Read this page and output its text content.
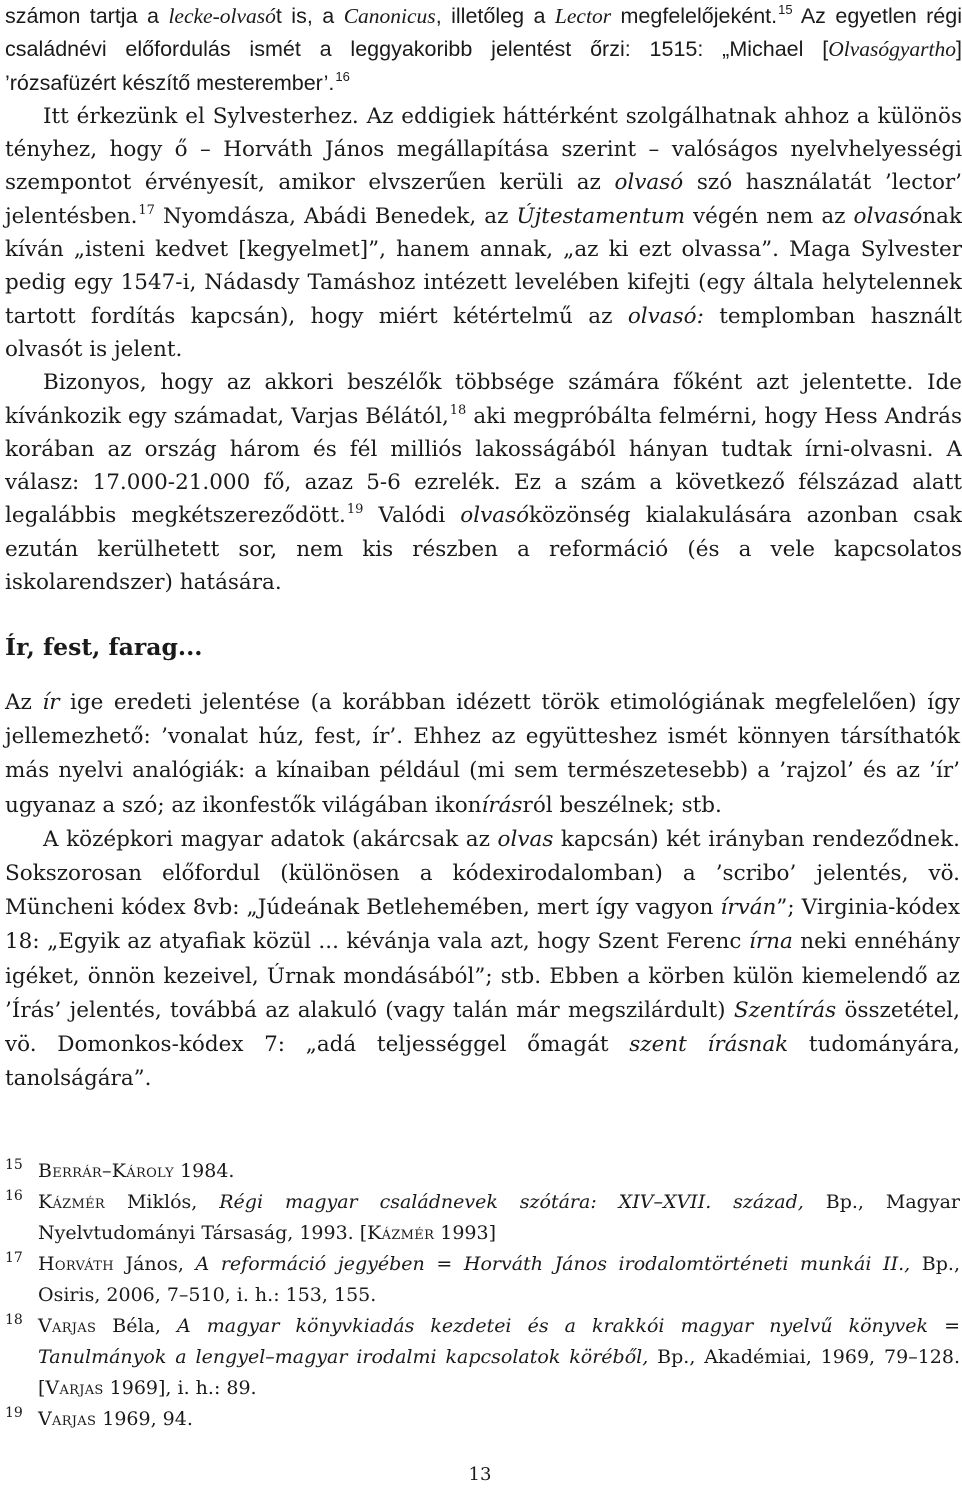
számon tartja a lecke-olvasót is, a Canonicus, illetőleg a Lector megfelelőjeként.$^{15}$ Az egyetlen régi családnévi előfordulás ismét a leggyakoribb jelentést őrzi: 1515: „Michael [Olvasógyartho] ’rózsafüzért készítő mesterember’.$^{16}$

Itt érkezünk el Sylvesterhez. Az eddigiek háttérként szolgálhatnak ahhoz a különös tényhez, hogy ő – Horváth János megállapítása szerint – valóságos nyelvhelyességi szempontot érvényesít, amikor elvszerűen kerüli az olvasó szó használatát ’lector’ jelentésben.$^{17}$ Nyomdásza, Abádi Benedek, az Újtestamentum végén nem az olvasónak kíván „isteni kedvet [kegyelmet]”, hanem annak, „az ki ezt olvassa”. Maga Sylvester pedig egy 1547-i, Nádasdy Tamáshoz intézett levelében kifejti (egy általa helytelennek tartott fordítás kapcsán), hogy miért kétértelmű az olvasó: templomban használt olvasót is jelent.

Bizonyos, hogy az akkori beszélők többsége számára főként azt jelentette. Ide kívánkozik egy számadat, Varjas Bélától,$^{18}$ aki megpróbálta felmérni, hogy Hess András korában az ország három és fél milliós lakosságából hányan tudtak írni-olvasni. A válasz: 17.000-21.000 fő, azaz 5-6 ezrelék. Ez a szám a következő félszázad alatt legalábbis megkétszereződött.$^{19}$ Valódi olvasóközönség kialakulására azonban csak ezután kerülhetett sor, nem kis részben a reformáció (és a vele kapcsolatos iskolarendszer) hatására.

Ír, fest, farag...

Az ír ige eredeti jelentése (a korábban idézett török etimológiának megfelelően) így jellemezhető: ’vonalat húz, fest, ír’. Ehhez az együtteshez ismét könnyen társíthatók más nyelvi analógiák: a kínaiban például (mi sem természetesebb) a ’rajzol’ és az ’ír’ ugyanaz a szó; az ikonfestők világában ikonírásról beszélnek; stb.

A középkori magyar adatok (akárcsak az olvas kapcsán) két irányban rendeződnek. Sokszorosan előfordul (különösen a kódexirodalomban) a ’scribo’ jelentés, vö. Müncheni kódex 8vb: „Júdeának Betlehemében, mert így vagyon írván”; Virginia-kódex 18: „Egyik az atyafiak közül ... kévánja vala azt, hogy Szent Ferenc írna neki ennéhány igéket, önnön kezeivel, Úrnak mondásából”; stb. Ebben a körben külön kiemelendő az ’Írás’ jelentés, továbbá az alakuló (vagy talán már megszilárdult) Szentírás összetétel, vö. Domonkos-kódex 7: „adá teljességgel őmagát szent írásnak tudományára, tanolságára”.

15 Berrár–Károly 1984.

16 Kázmér Miklós, Régi magyar családnevek szótára: XIV–XVII. század, Bp., Magyar Nyelvtudományi Társaság, 1993. [Kázmér 1993]

17 Horváth János, A reformáció jegyében = Horváth János irodalomtörténeti munkái II., Bp., Osiris, 2006, 7–510, i. h.: 153, 155.

18 Varjas Béla, A magyar könyvkiadás kezdetei és a krakkói magyar nyelvű könyvek = Tanulmányok a lengyel–magyar irodalmi kapcsolatok köréből, Bp., Akadémiai, 1969, 79–128. [Varjas 1969], i. h.: 89.

19 Varjas 1969, 94.

13
